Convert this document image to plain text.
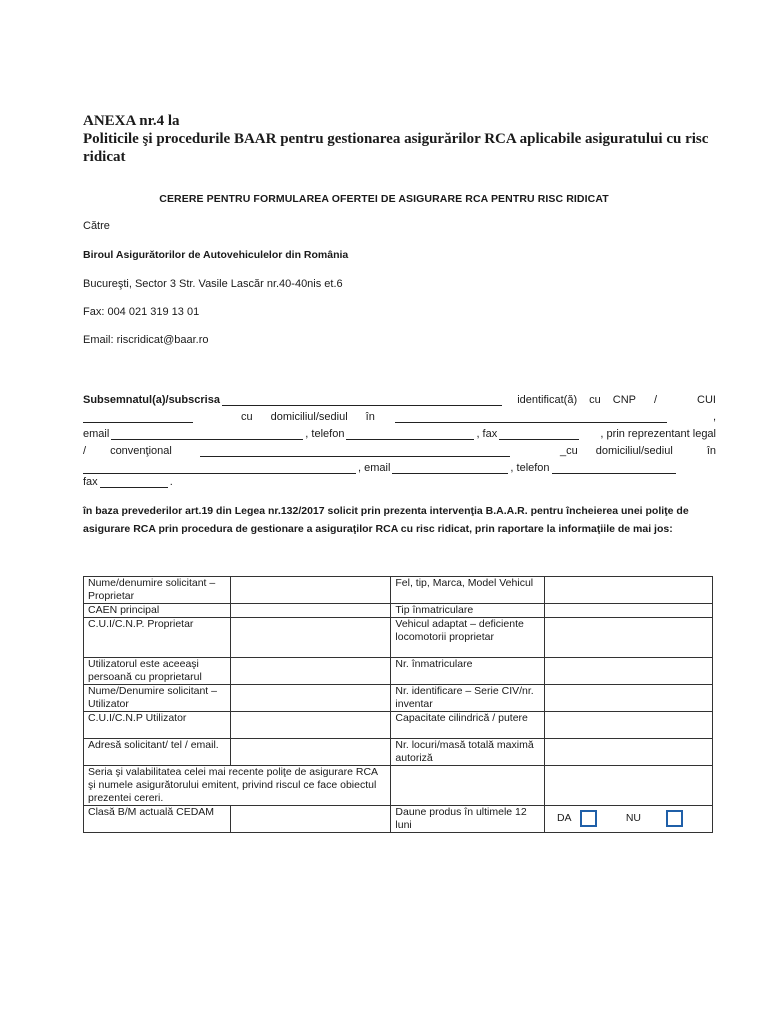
ANEXA nr.4 la
Politicile şi procedurile BAAR pentru gestionarea asigurărilor RCA aplicabile asiguratului cu risc ridicat
CERERE PENTRU FORMULAREA OFERTEI DE ASIGURARE RCA PENTRU RISC RIDICAT
Către
Biroul Asigurătorilor de Autovehiculelor din România
Bucureşti, Sector 3 Str. Vasile Lascăr nr.40-40nis et.6
Fax: 004 021 319 13 01
Email: riscridicat@baar.ro
Subsemnatul(a)/subscrisa	identificat(ă) cu CNP /	CUI
cu domiciliul/sediul în	,
email	, telefon	, fax	, prin reprezentant legal
/ convenţional	_cu domiciliul/sediul	în
, email	, telefon
fax	.
în baza prevederilor art.19 din Legea nr.132/2017 solicit prin prezenta intervenţia B.A.A.R. pentru încheierea unei poliţe de asigurare RCA prin procedura de gestionare a asiguraţilor RCA cu risc ridicat, prin raportare la informaţiile de mai jos:
Nume/denumire solicitant – Proprietar		Fel, tip, Marca, Model Vehicul	
CAEN principal		Tip înmatriculare	
C.U.I/C.N.P. Proprietar		Vehicul adaptat – deficiente locomotorii proprietar	
Utilizatorul este aceeaşi persoană cu proprietarul		Nr. înmatriculare	
Nume/Denumire solicitant – Utilizator		Nr. identificare – Serie CIV/nr. inventar	
C.U.I/C.N.P Utilizator		Capacitate cilindrică / putere	
Adresă solicitant/ tel / email.		Nr. locuri/masă totală maximă autoriză	
Seria şi valabilitatea celei mai recente poliţe de asigurare RCA şi numele asigurătorului emitent, privind riscul ce face obiectul prezentei cereri.			
Clasă B/M actuală CEDAM		Daune produs în ultimele 12 luni	DA NU
